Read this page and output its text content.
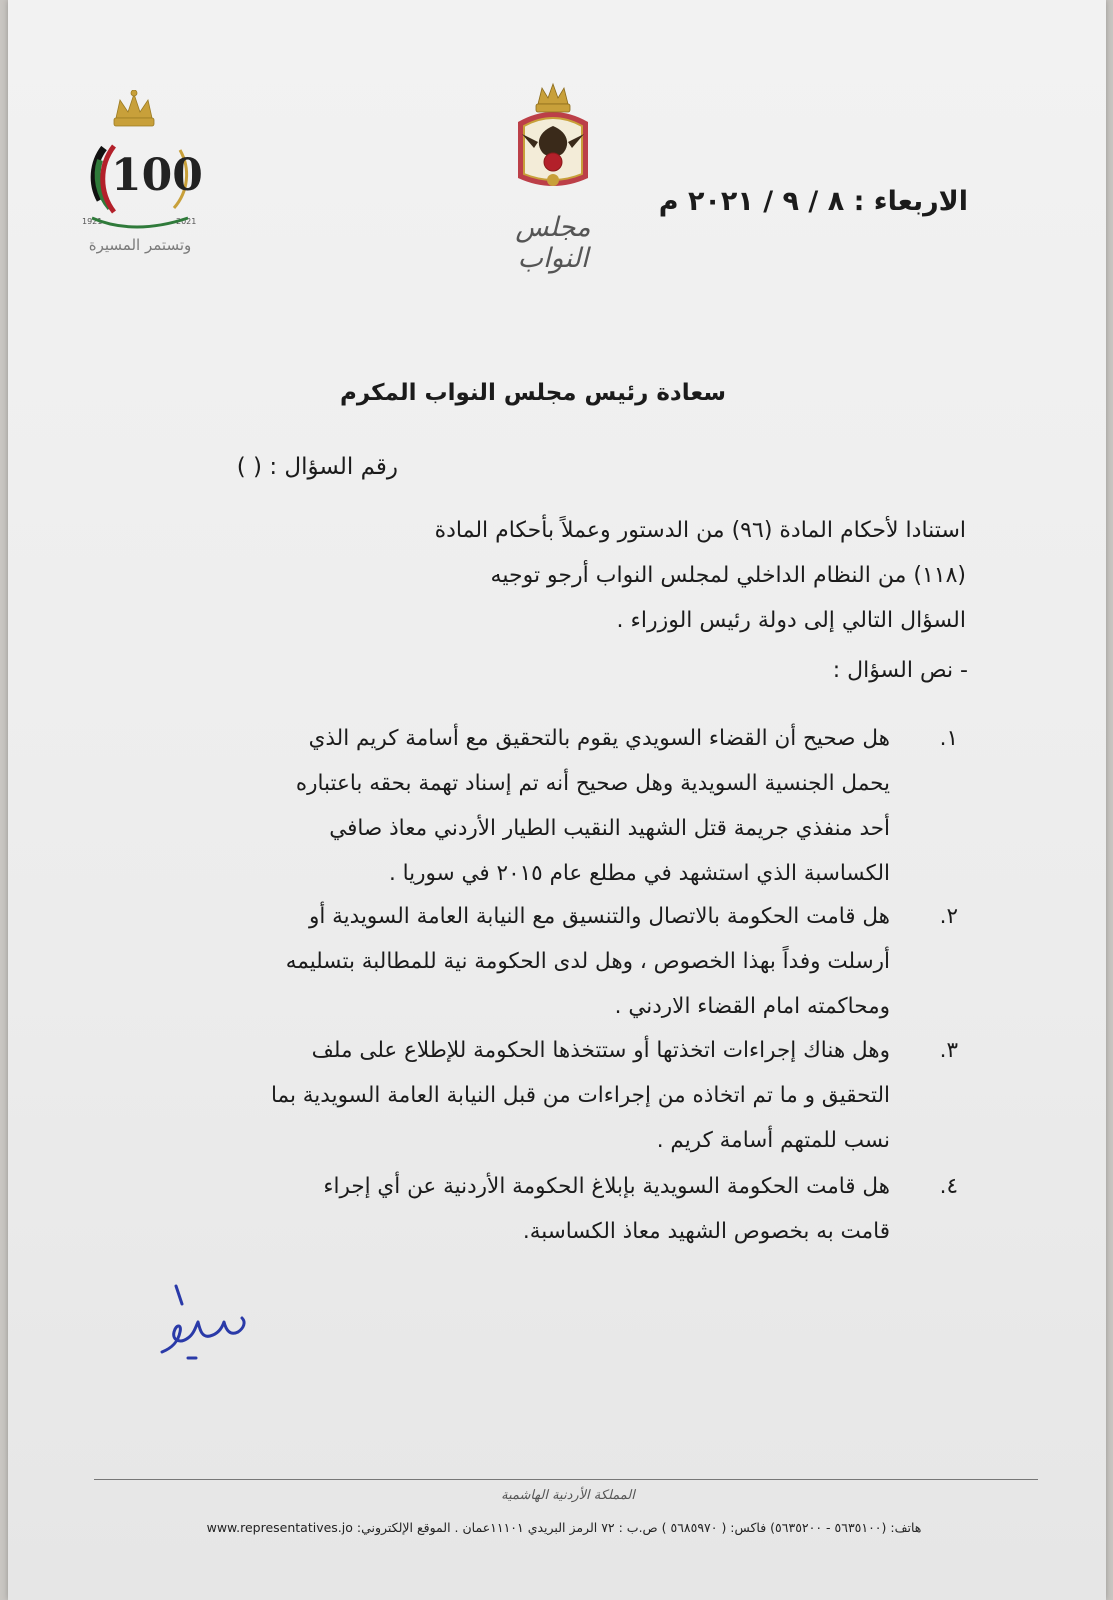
100
1921	2021
وتستمر المسيرة
مجلس النواب
الاربعاء : ٨ / ٩ / ٢٠٢١ م
سعادة رئيس مجلس النواب المكرم
رقم السؤال : ( )
استنادا لأحكام المادة (٩٦) من الدستور وعملاً بأحكام المادة
(١١٨) من النظام الداخلي لمجلس النواب أرجو توجيه
السؤال التالي إلى دولة رئيس الوزراء .
- نص السؤال :
١.
هل صحيح أن القضاء السويدي يقوم بالتحقيق مع أسامة كريم الذي
يحمل الجنسية السويدية وهل صحيح أنه تم إسناد تهمة بحقه باعتباره
أحد منفذي جريمة قتل الشهيد النقيب الطيار الأردني معاذ صافي
الكساسبة الذي استشهد في مطلع عام ٢٠١٥ في سوريا .
٢.
هل قامت الحكومة بالاتصال والتنسيق مع النيابة العامة السويدية أو
أرسلت وفداً بهذا الخصوص ، وهل لدى الحكومة نية للمطالبة بتسليمه
ومحاكمته امام القضاء الاردني .
٣.
وهل هناك إجراءات اتخذتها أو ستتخذها الحكومة للإطلاع على ملف
التحقيق و ما تم اتخاذه من إجراءات من قبل النيابة العامة السويدية بما
نسب للمتهم أسامة كريم .
٤.
هل قامت الحكومة السويدية بإبلاغ الحكومة الأردنية عن أي إجراء
قامت به بخصوص الشهيد معاذ الكساسبة.
المملكة الأردنية الهاشمية
هاتف: (٥٦٣٥١٠٠ - ٥٦٣٥٢٠٠) فاكس: ( ٥٦٨٥٩٧٠ ) ص.ب : ٧٢ الرمز البريدي ١١١٠١عمان . الموقع الإلكتروني: www.representatives.jo
